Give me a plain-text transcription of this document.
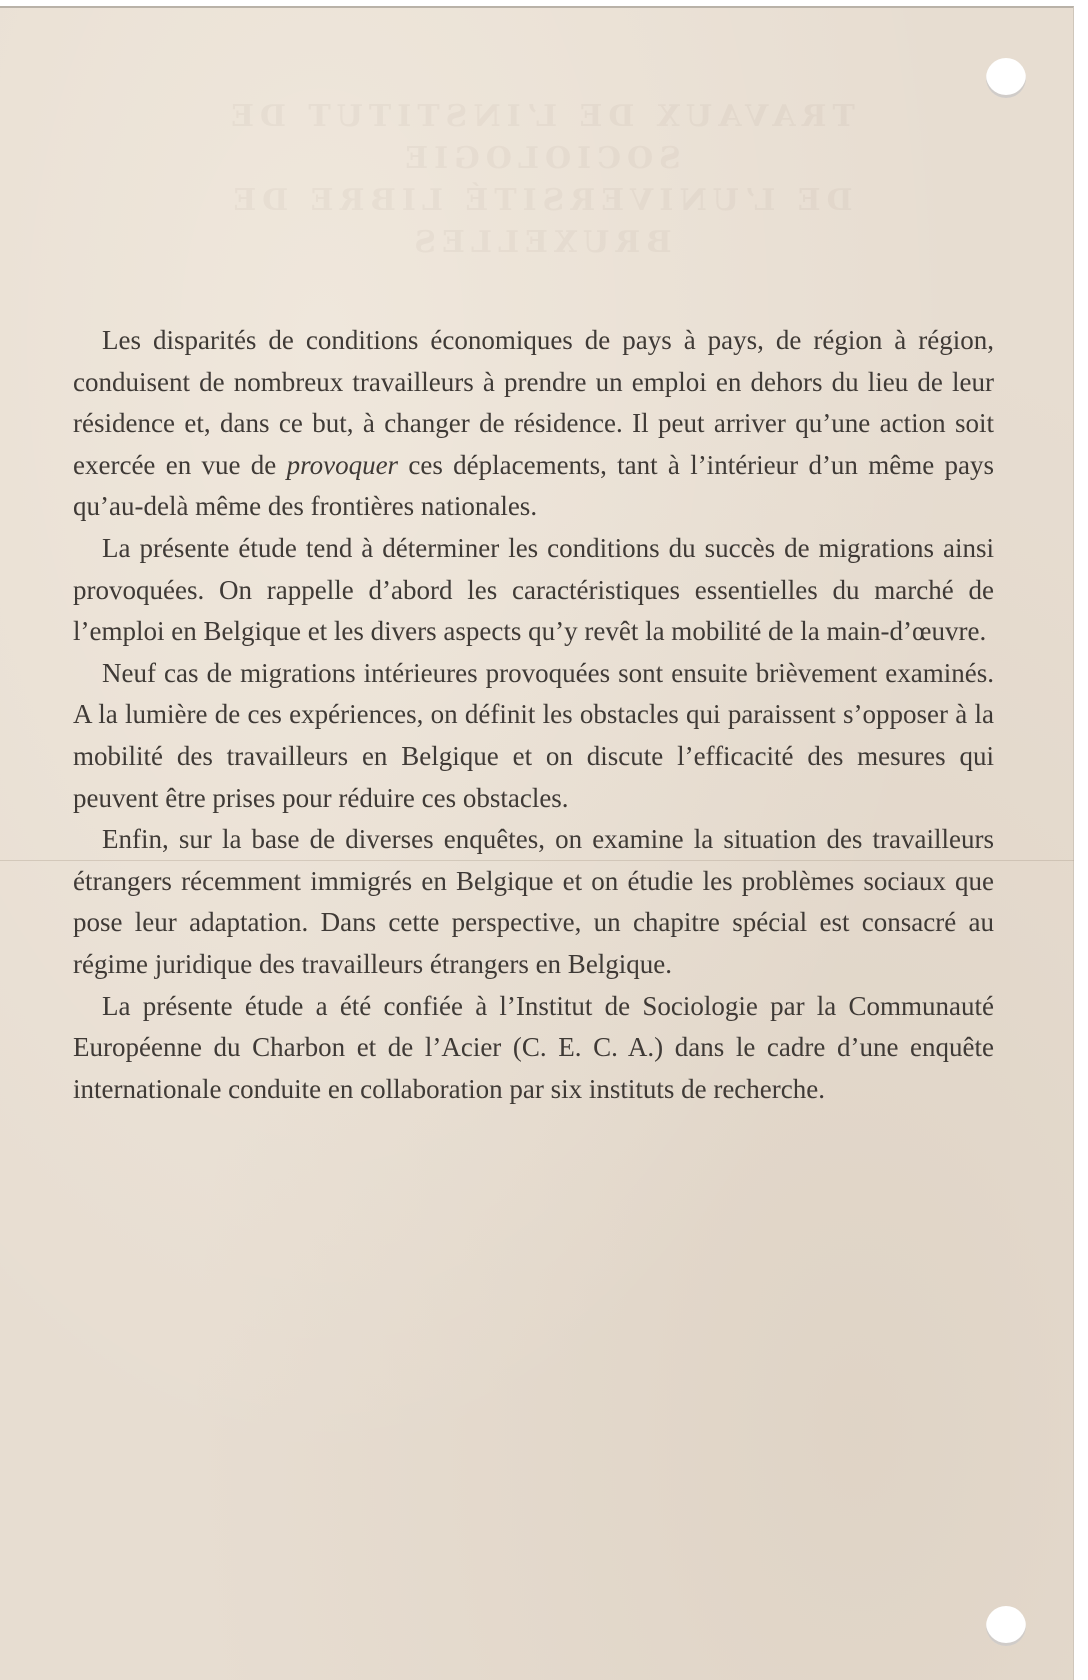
TRAVAUX DE L’INSTITUT DE SOCIOLOGIE
DE L’UNIVERSITÉ LIBRE DE BRUXELLES

Les disparités de conditions économiques de pays à pays, de région à région, conduisent de nombreux travailleurs à prendre un emploi en dehors du lieu de leur résidence et, dans ce but, à changer de résidence. Il peut arriver qu’une action soit exercée en vue de provoquer ces déplacements, tant à l’intérieur d’un même pays qu’au-delà même des frontières nationales.

La présente étude tend à déterminer les conditions du succès de migrations ainsi provoquées. On rappelle d’abord les caractéristiques essentielles du marché de l’emploi en Belgique et les divers aspects qu’y revêt la mobilité de la main-d’œuvre.

Neuf cas de migrations intérieures provoquées sont ensuite brièvement examinés. A la lumière de ces expériences, on définit les obstacles qui paraissent s’opposer à la mobilité des travailleurs en Belgique et on discute l’efficacité des mesures qui peuvent être prises pour réduire ces obstacles.

Enfin, sur la base de diverses enquêtes, on examine la situation des travailleurs étrangers récemment immigrés en Belgique et on étudie les problèmes sociaux que pose leur adaptation. Dans cette perspective, un chapitre spécial est consacré au régime juridique des travailleurs étrangers en Belgique.

La présente étude a été confiée à l’Institut de Sociologie par la Communauté Européenne du Charbon et de l’Acier (C. E. C. A.) dans le cadre d’une enquête internationale conduite en collaboration par six instituts de recherche.
